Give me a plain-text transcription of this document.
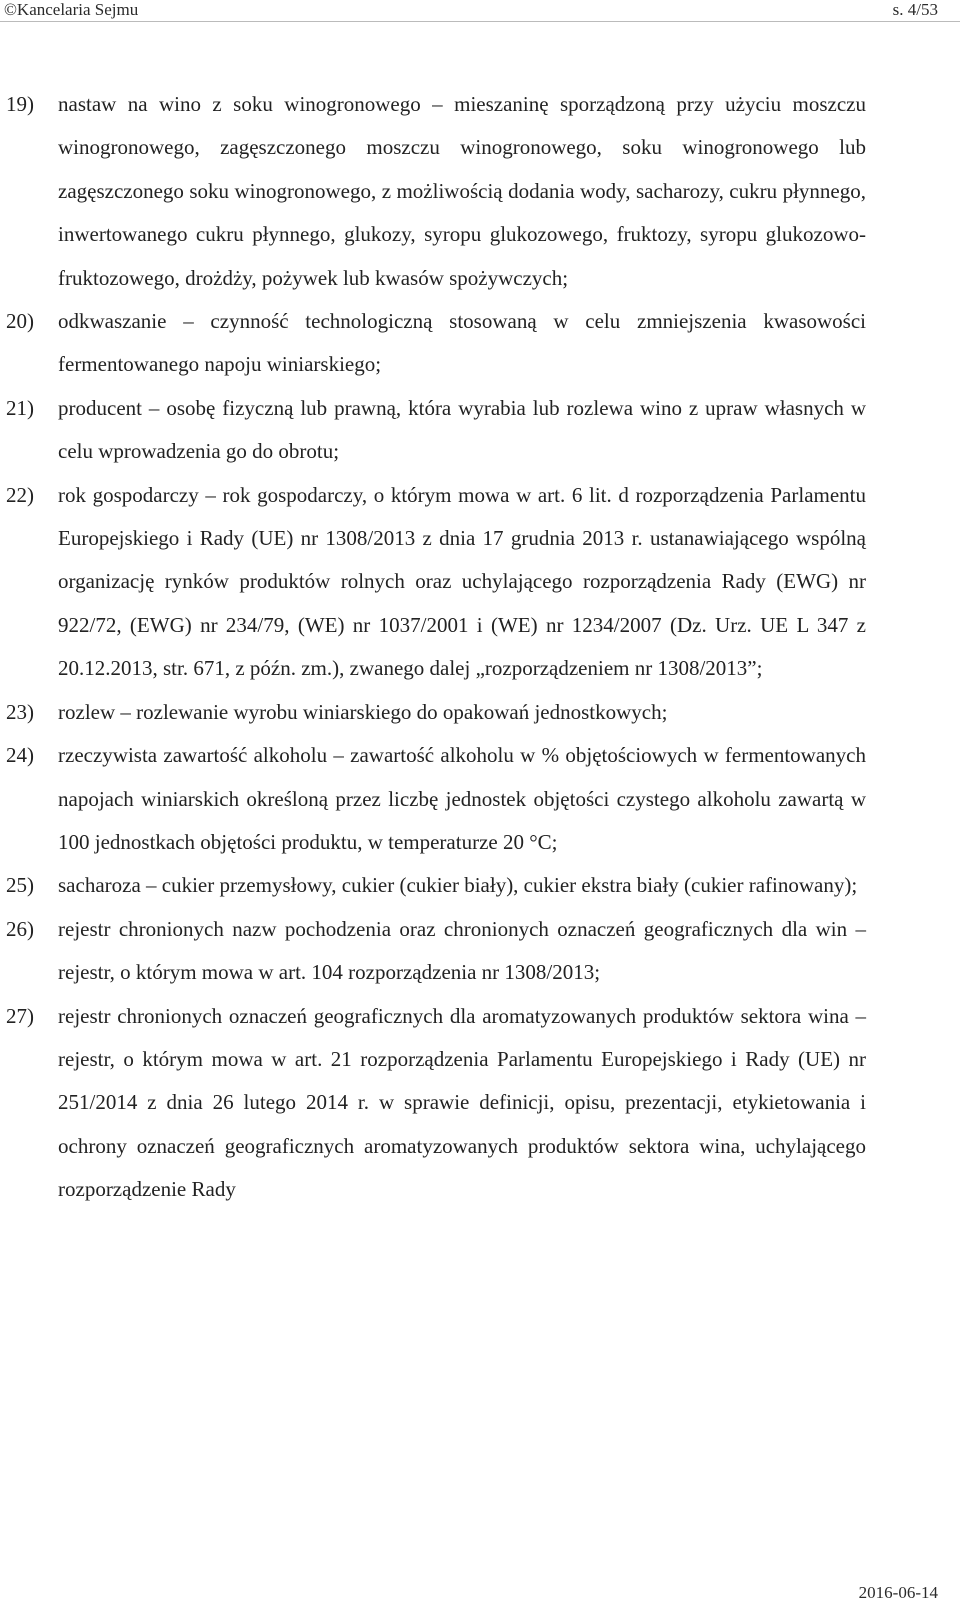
©Kancelaria Sejmu	s. 4/53
19) nastaw na wino z soku winogronowego – mieszaninę sporządzoną przy użyciu moszczu winogronowego, zagęszczonego moszczu winogronowego, soku winogronowego lub zagęszczonego soku winogronowego, z możliwością dodania wody, sacharozy, cukru płynnego, inwertowanego cukru płynnego, glukozy, syropu glukozowego, fruktozy, syropu glukozowo-fruktozowego, drożdży, pożywek lub kwasów spożywczych;
20) odkwaszanie – czynność technologiczną stosowaną w celu zmniejszenia kwasowości fermentowanego napoju winiarskiego;
21) producent – osobę fizyczną lub prawną, która wyrabia lub rozlewa wino z upraw własnych w celu wprowadzenia go do obrotu;
22) rok gospodarczy – rok gospodarczy, o którym mowa w art. 6 lit. d rozporządzenia Parlamentu Europejskiego i Rady (UE) nr 1308/2013 z dnia 17 grudnia 2013 r. ustanawiającego wspólną organizację rynków produktów rolnych oraz uchylającego rozporządzenia Rady (EWG) nr 922/72, (EWG) nr 234/79, (WE) nr 1037/2001 i (WE) nr 1234/2007 (Dz. Urz. UE L 347 z 20.12.2013, str. 671, z późn. zm.), zwanego dalej „rozporządzeniem nr 1308/2013”;
23) rozlew – rozlewanie wyrobu winiarskiego do opakowań jednostkowych;
24) rzeczywista zawartość alkoholu – zawartość alkoholu w % objętościowych w fermentowanych napojach winiarskich określoną przez liczbę jednostek objętości czystego alkoholu zawartą w 100 jednostkach objętości produktu, w temperaturze 20 °C;
25) sacharoza – cukier przemysłowy, cukier (cukier biały), cukier ekstra biały (cukier rafinowany);
26) rejestr chronionych nazw pochodzenia oraz chronionych oznaczeń geograficznych dla win – rejestr, o którym mowa w art. 104 rozporządzenia nr 1308/2013;
27) rejestr chronionych oznaczeń geograficznych dla aromatyzowanych produktów sektora wina – rejestr, o którym mowa w art. 21 rozporządzenia Parlamentu Europejskiego i Rady (UE) nr 251/2014 z dnia 26 lutego 2014 r. w sprawie definicji, opisu, prezentacji, etykietowania i ochrony oznaczeń geograficznych aromatyzowanych produktów sektora wina, uchylającego rozporządzenie Rady
2016-06-14
